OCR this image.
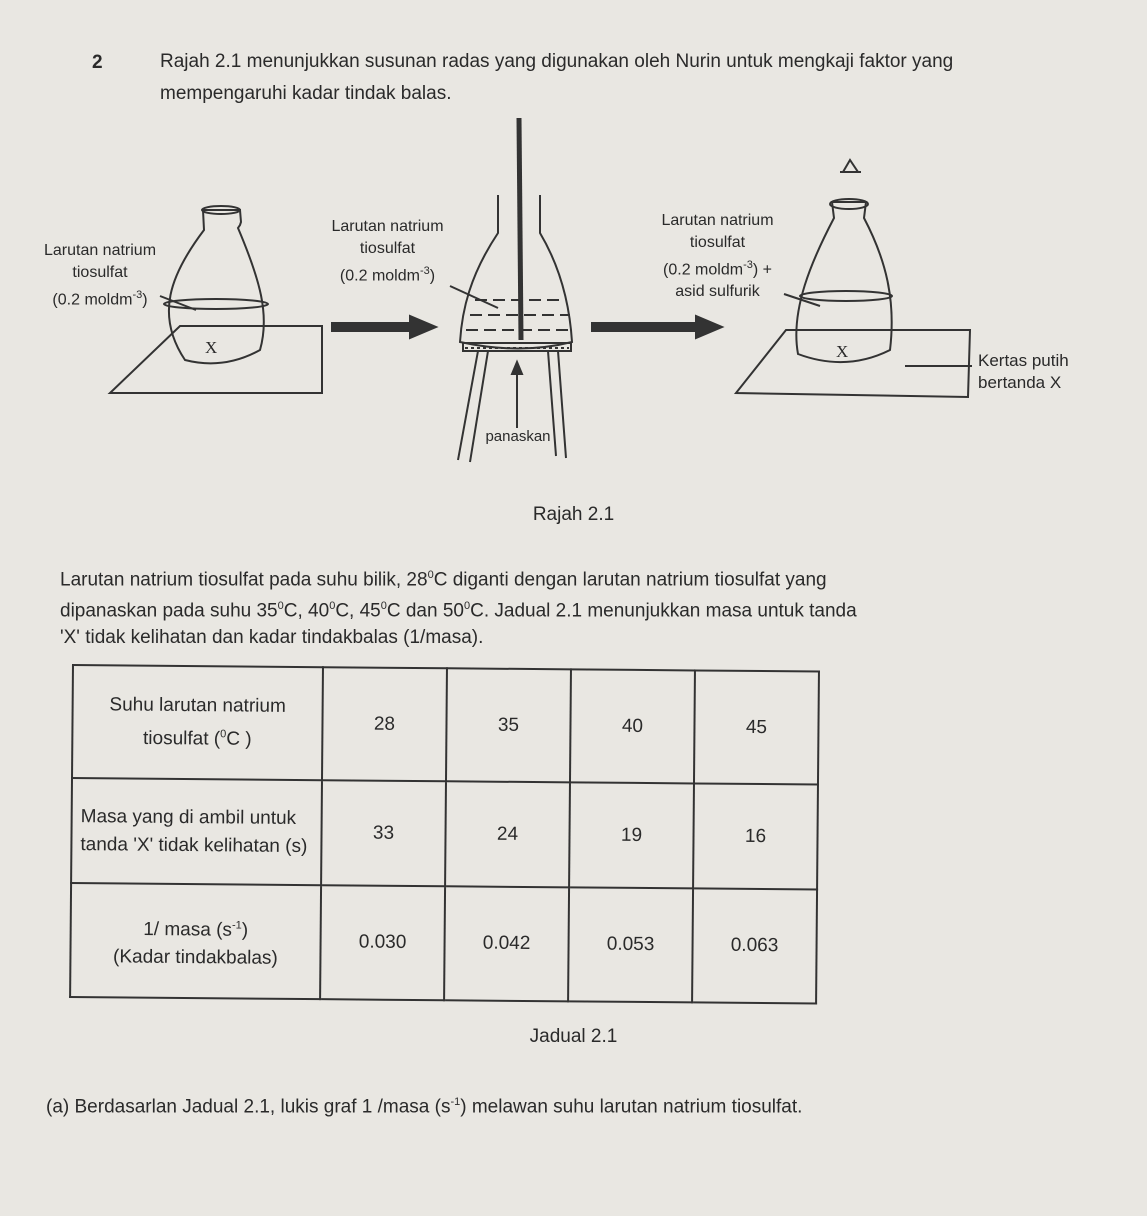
2	Rajah 2.1 menunjukkan susunan radas yang digunakan oleh Nurin untuk mengkaji faktor yang mempengaruhi kadar tindak balas.
Larutan natrium
tiosulfat
(0.2 moldm$^{-3}$)
X
Larutan natrium
tiosulfat
(0.2 moldm$^{-3}$)
panaskan
Larutan natrium
tiosulfat
(0.2 moldm$^{-3}$) +
asid sulfurik
X	Kertas putih
bertanda X
Rajah 2.1
Larutan natrium tiosulfat pada suhu bilik, $28^0C$ diganti dengan larutan natrium tiosulfat yang
dipanaskan pada suhu $35^0C$, $40^0C$, $45^0C$ dan $50^0C$. Jadual 2.1 menunjukkan masa untuk tanda
'X' tidak kelihatan dan kadar tindakbalas (1/masa).
Suhu larutan natrium
tiosulfat ($^0$C )	28	35	40	45
Masa yang di ambil untuk tanda 'X' tidak kelihatan (s)	33	24	19	16

1/ masa $(s^{-1})$
(Kadar tindakbalas)	0.030	0.042	0.053	0.063
Jadual 2.1
(a) Berdasarlan Jadual 2.1, lukis graf 1 /masa $(s^{-1})$ melawan suhu larutan natrium tiosulfat.
